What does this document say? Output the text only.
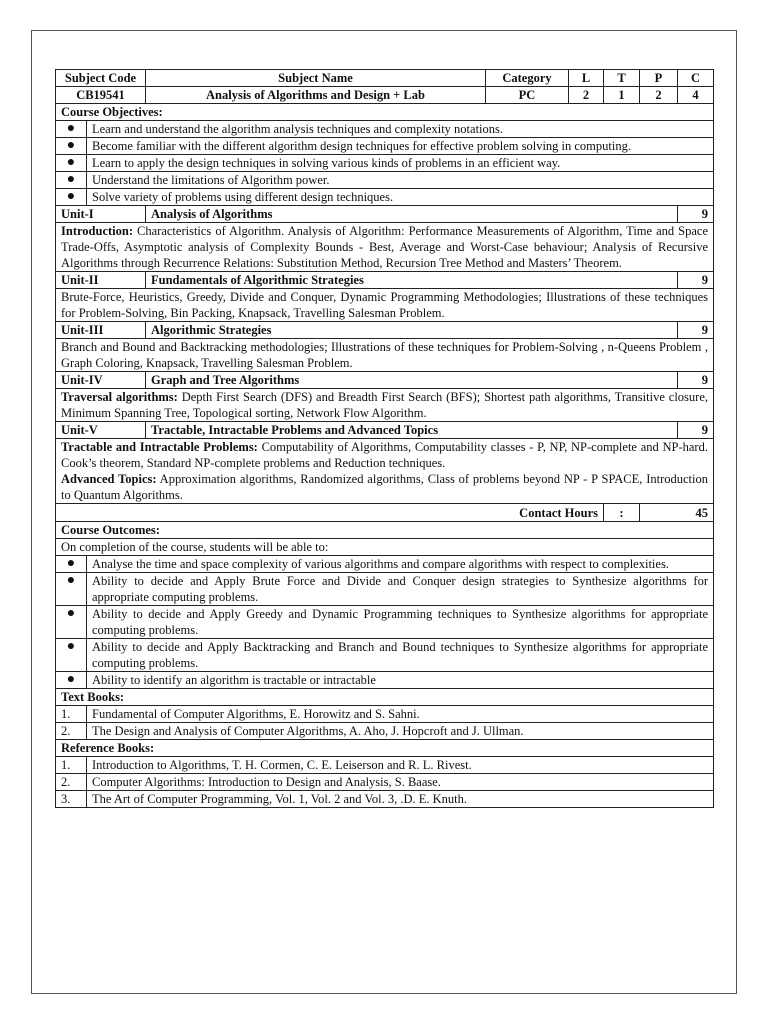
Subject Code		Subject Name	Category	L	T	P	C
CB19541		Analysis of Algorithms and Design + Lab	PC	2	1	2	4
Course Objectives:							
●	Learn and understand the algorithm analysis techniques and complexity notations.						
●	Become familiar with the different algorithm design techniques for effective problem solving in computing.						
●	Learn to apply the design techniques in solving various kinds of problems in an efficient way.						
●	Understand the limitations of Algorithm power.						
●	Solve variety of problems using different design techniques.						
Unit-I		Analysis of Algorithms					9
Introduction: Characteristics of Algorithm. Analysis of Algorithm: Performance Measurements of Algorithm, Time and Space Trade-Offs, Asymptotic analysis of Complexity Bounds - Best, Average and Worst-Case behaviour; Analysis of Recursive Algorithms through Recurrence Relations: Substitution Method, Recursion Tree Method and Masters’ Theorem.							
Unit-II		Fundamentals of Algorithmic Strategies					9
Brute-Force, Heuristics, Greedy, Divide and Conquer, Dynamic Programming Methodologies; Illustrations of these techniques for Problem-Solving, Bin Packing, Knapsack, Travelling Salesman Problem.							
Unit-III		Algorithmic Strategies					9
Branch and Bound and Backtracking methodologies; Illustrations of these techniques for Problem-Solving , n-Queens Problem , Graph Coloring, Knapsack, Travelling Salesman Problem.							
Unit-IV		Graph and Tree Algorithms					9
Traversal algorithms: Depth First Search (DFS) and Breadth First Search (BFS); Shortest path algorithms, Transitive closure, Minimum Spanning Tree, Topological sorting, Network Flow Algorithm.							
Unit-V		Tractable, Intractable Problems and Advanced Topics					9
Tractable and Intractable Problems: Computability of Algorithms, Computability classes - P, NP, NP-complete and NP-hard. Cook’s theorem, Standard NP-complete problems and Reduction techniques.
Advanced Topics: Approximation algorithms, Randomized algorithms, Class of problems beyond NP - P SPACE, Introduction to Quantum Algorithms.							
Contact Hours					:	45	
Course Outcomes:							
On completion of the course, students will be able to:							
●	Analyse the time and space complexity of various algorithms and compare algorithms with respect to complexities.						
●	Ability to decide and Apply Brute Force and Divide and Conquer design strategies to Synthesize algorithms for appropriate computing problems.						
●	Ability to decide and Apply Greedy and Dynamic Programming techniques to Synthesize algorithms for appropriate computing problems.						
●	Ability to decide and Apply Backtracking and Branch and Bound techniques to Synthesize algorithms for appropriate computing problems.						
●	Ability to identify an algorithm is tractable or intractable						
Text Books:							
1.	Fundamental of Computer Algorithms, E. Horowitz and S. Sahni.						
2.	The Design and Analysis of Computer Algorithms, A. Aho, J. Hopcroft and J. Ullman.						
Reference Books:							
1.	Introduction to Algorithms, T. H. Cormen, C. E. Leiserson and R. L. Rivest.						
2.	Computer Algorithms: Introduction to Design and Analysis, S. Baase.						
3.	The Art of Computer Programming, Vol. 1, Vol. 2 and Vol. 3, .D. E. Knuth.						
